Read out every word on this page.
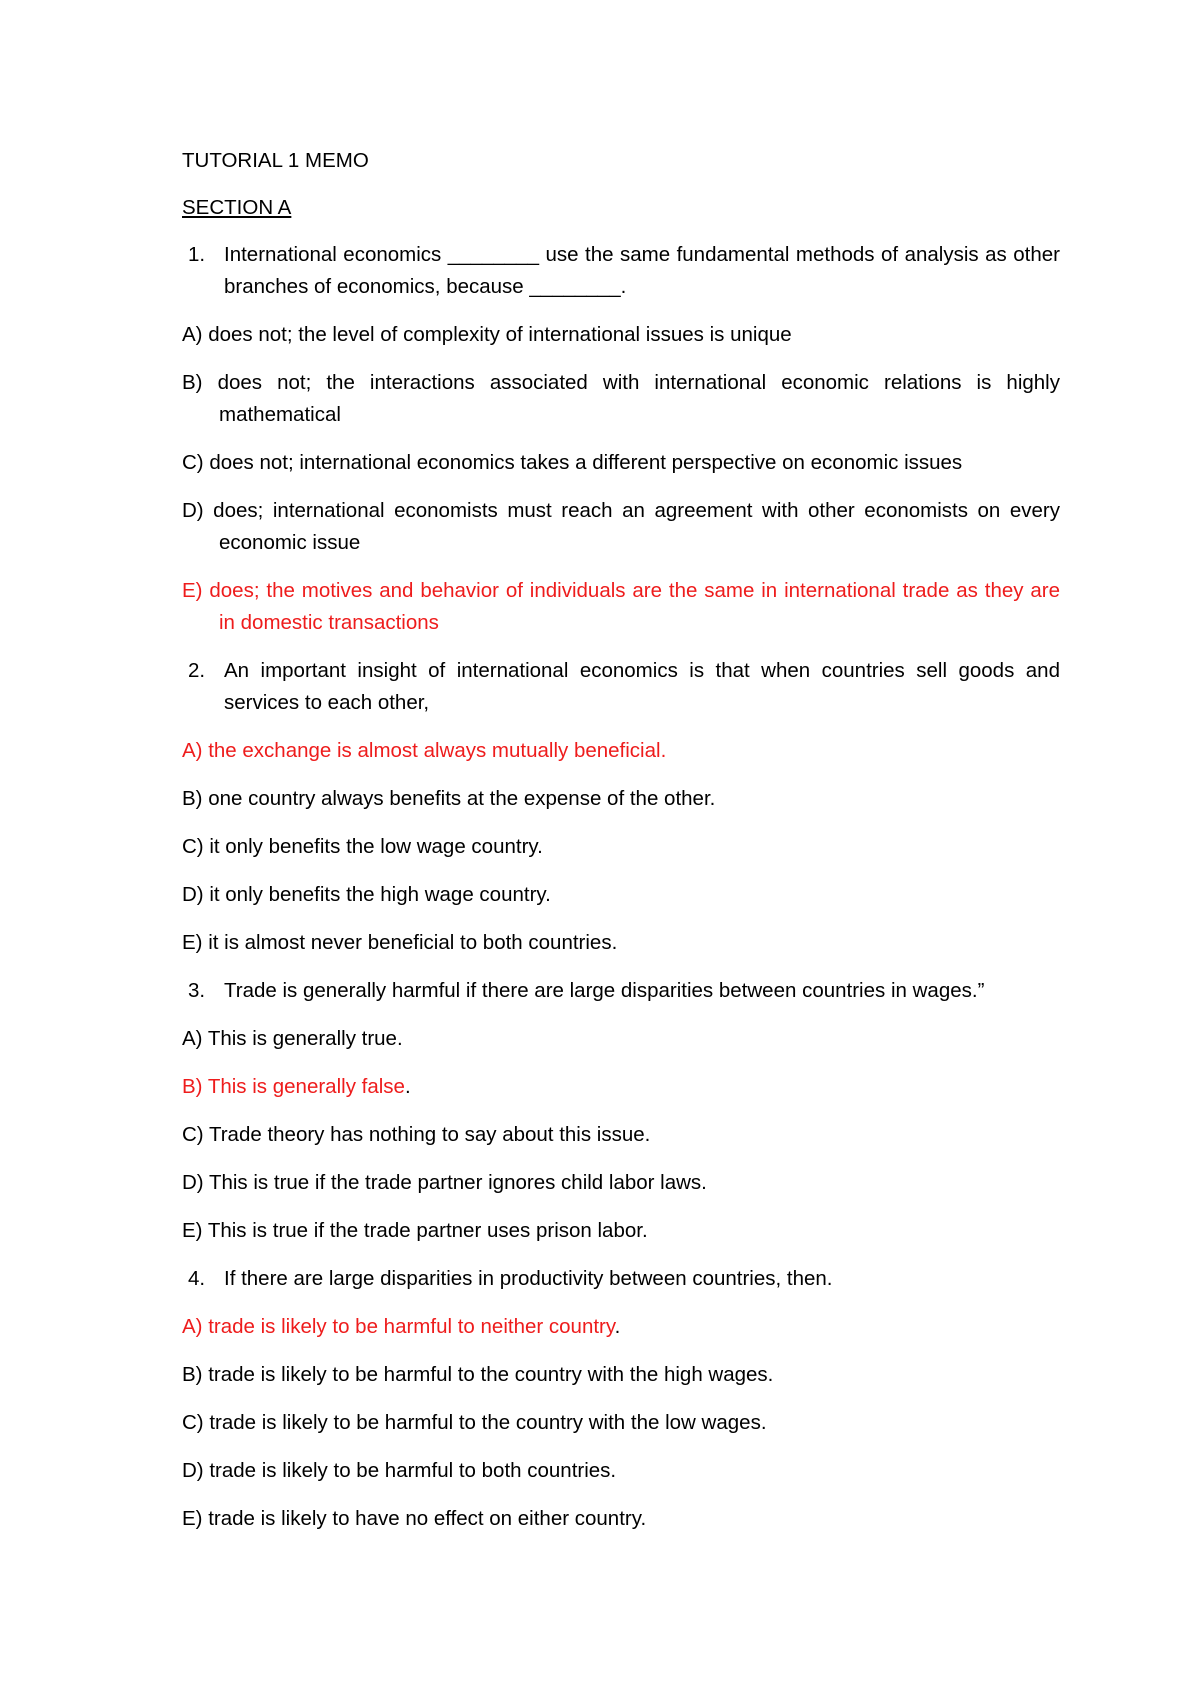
TUTORIAL 1 MEMO
SECTION A
1. International economics ________ use the same fundamental methods of analysis as other branches of economics, because ________.
A) does not; the level of complexity of international issues is unique
B) does not; the interactions associated with international economic relations is highly mathematical
C) does not; international economics takes a different perspective on economic issues
D) does; international economists must reach an agreement with other economists on every economic issue
E) does; the motives and behavior of individuals are the same in international trade as they are in domestic transactions
2. An important insight of international economics is that when countries sell goods and services to each other,
A) the exchange is almost always mutually beneficial.
B) one country always benefits at the expense of the other.
C) it only benefits the low wage country.
D) it only benefits the high wage country.
E) it is almost never beneficial to both countries.
3. Trade is generally harmful if there are large disparities between countries in wages.”
A) This is generally true.
B) This is generally false.
C) Trade theory has nothing to say about this issue.
D) This is true if the trade partner ignores child labor laws.
E) This is true if the trade partner uses prison labor.
4. If there are large disparities in productivity between countries, then.
A) trade is likely to be harmful to neither country.
B) trade is likely to be harmful to the country with the high wages.
C) trade is likely to be harmful to the country with the low wages.
D) trade is likely to be harmful to both countries.
E) trade is likely to have no effect on either country.
